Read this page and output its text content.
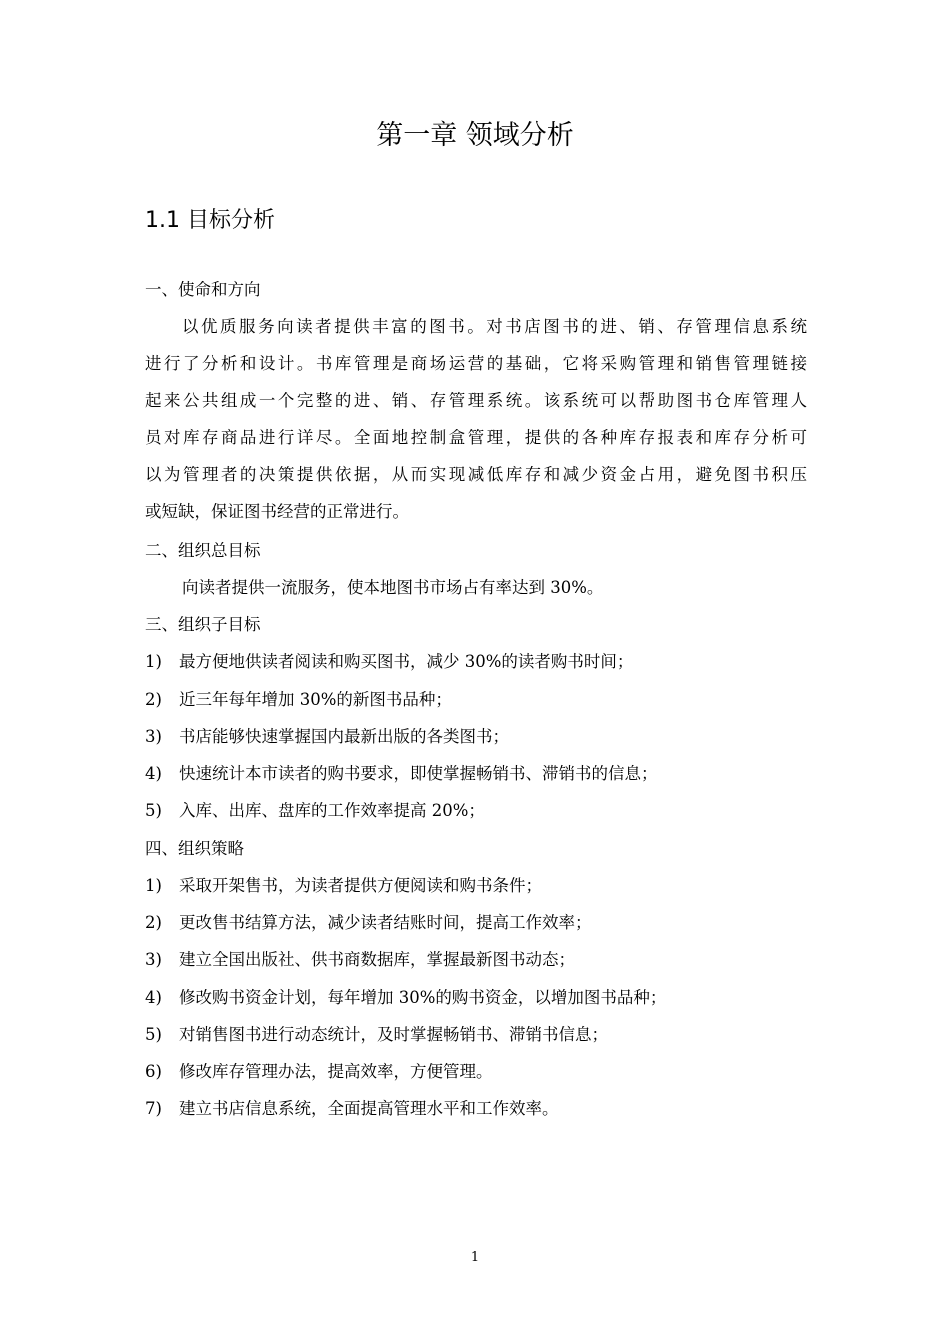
第一章 领域分析
1.1 目标分析
一、使命和方向
以优质服务向读者提供丰富的图书。对书店图书的进、销、存管理信息系统
进行了分析和设计。书库管理是商场运营的基础，它将采购管理和销售管理链接
起来公共组成一个完整的进、销、存管理系统。该系统可以帮助图书仓库管理人
员对库存商品进行详尽。全面地控制盒管理，提供的各种库存报表和库存分析可
以为管理者的决策提供依据，从而实现减低库存和减少资金占用，避免图书积压
或短缺，保证图书经营的正常进行。
二、组织总目标
向读者提供一流服务，使本地图书市场占有率达到 30%。
三、组织子目标
1) 最方便地供读者阅读和购买图书，减少 30%的读者购书时间；
2) 近三年每年增加 30%的新图书品种；
3) 书店能够快速掌握国内最新出版的各类图书；
4) 快速统计本市读者的购书要求，即使掌握畅销书、滞销书的信息；
5) 入库、出库、盘库的工作效率提高 20%；
四、组织策略
1) 采取开架售书，为读者提供方便阅读和购书条件；
2) 更改售书结算方法，减少读者结账时间，提高工作效率；
3) 建立全国出版社、供书商数据库，掌握最新图书动态；
4) 修改购书资金计划，每年增加 30%的购书资金，以增加图书品种；
5) 对销售图书进行动态统计，及时掌握畅销书、滞销书信息；
6) 修改库存管理办法，提高效率，方便管理。
7) 建立书店信息系统，全面提高管理水平和工作效率。
1
